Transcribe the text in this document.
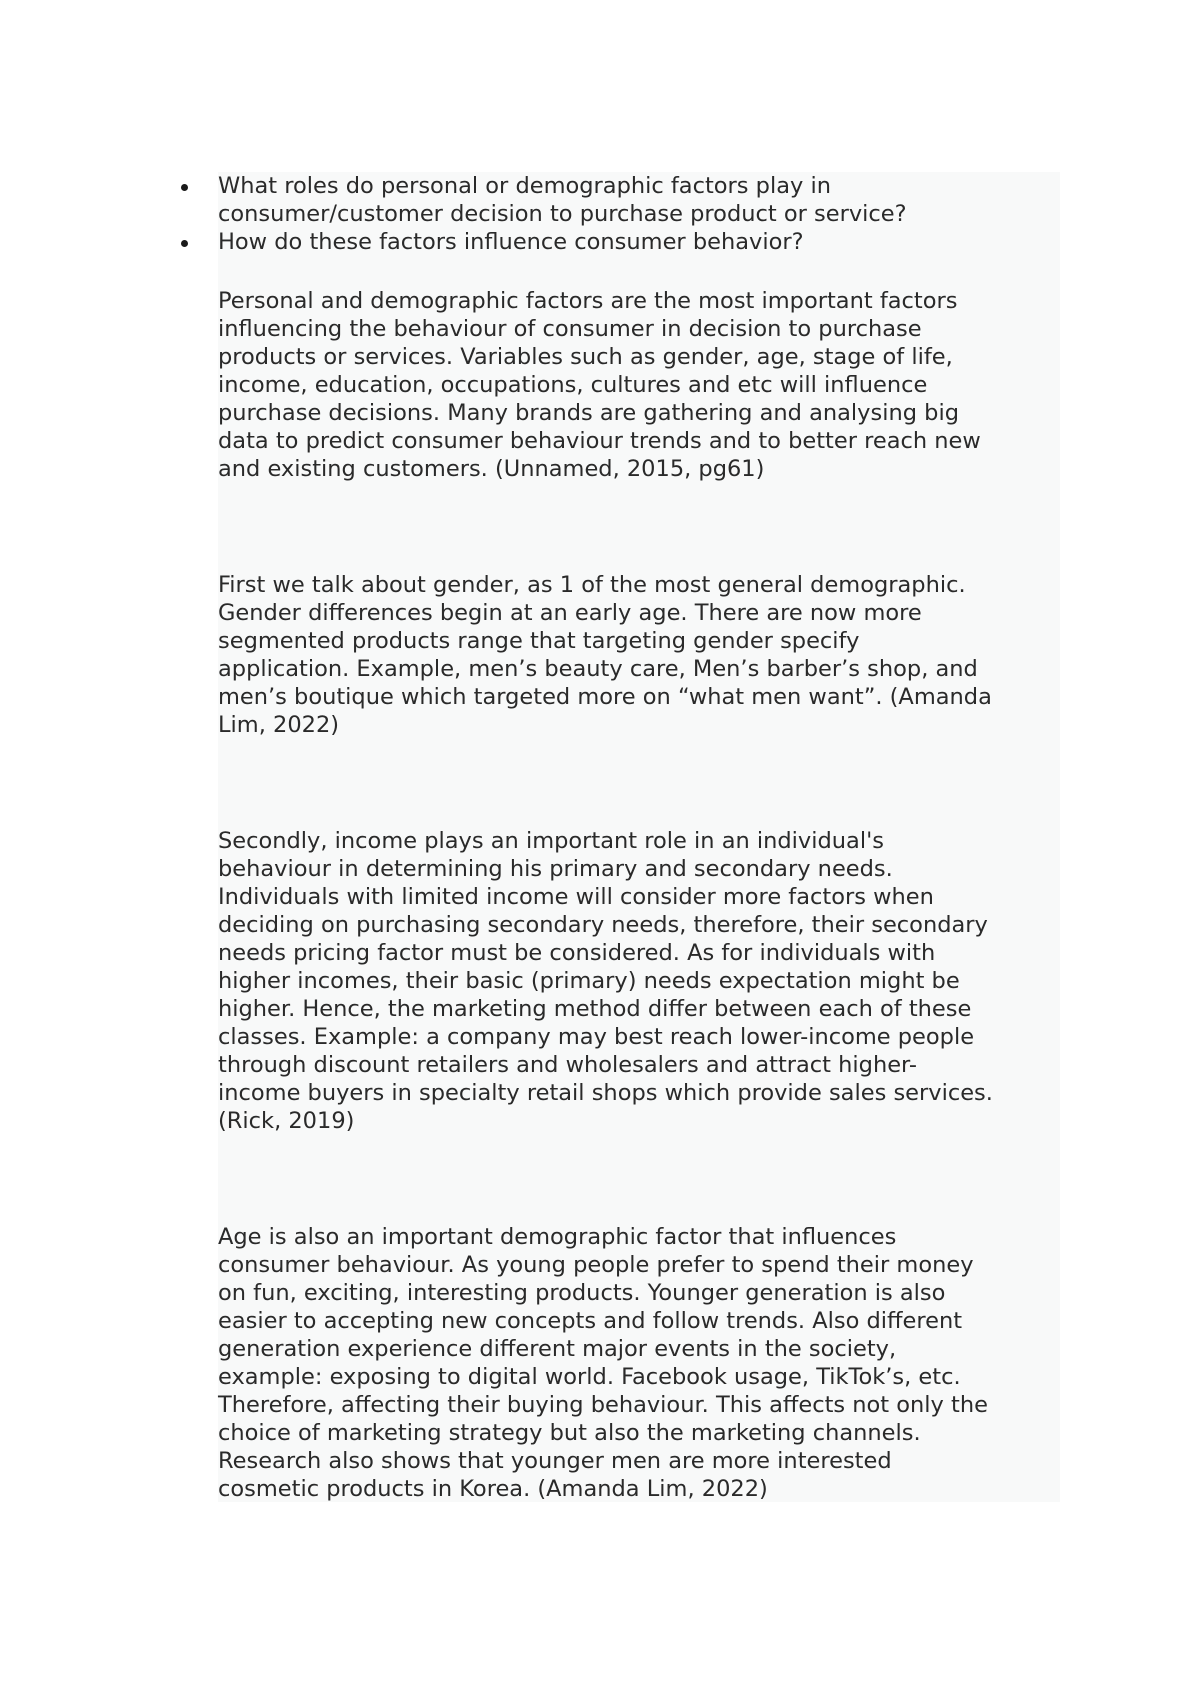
What roles do personal or demographic factors play in
consumer/customer decision to purchase product or service?
How do these factors influence consumer behavior?

Personal and demographic factors are the most important factors
influencing the behaviour of consumer in decision to purchase
products or services. Variables such as gender, age, stage of life,
income, education, occupations, cultures and etc will influence
purchase decisions. Many brands are gathering and analysing big
data to predict consumer behaviour trends and to better reach new
and existing customers. (Unnamed, 2015, pg61)

First we talk about gender, as 1 of the most general demographic.
Gender differences begin at an early age. There are now more
segmented products range that targeting gender specify
application. Example, men’s beauty care, Men’s barber’s shop, and
men’s boutique which targeted more on “what men want”. (Amanda
Lim, 2022)

Secondly, income plays an important role in an individual's
behaviour in determining his primary and secondary needs.
Individuals with limited income will consider more factors when
deciding on purchasing secondary needs, therefore, their secondary
needs pricing factor must be considered. As for individuals with
higher incomes, their basic (primary) needs expectation might be
higher. Hence, the marketing method differ between each of these
classes. Example: a company may best reach lower-income people
through discount retailers and wholesalers and attract higher-
income buyers in specialty retail shops which provide sales services.
(Rick, 2019)

Age is also an important demographic factor that influences
consumer behaviour. As young people prefer to spend their money
on fun, exciting, interesting products. Younger generation is also
easier to accepting new concepts and follow trends. Also different
generation experience different major events in the society,
example: exposing to digital world. Facebook usage, TikTok’s, etc.
Therefore, affecting their buying behaviour. This affects not only the
choice of marketing strategy but also the marketing channels.
Research also shows that younger men are more interested
cosmetic products in Korea. (Amanda Lim, 2022)
